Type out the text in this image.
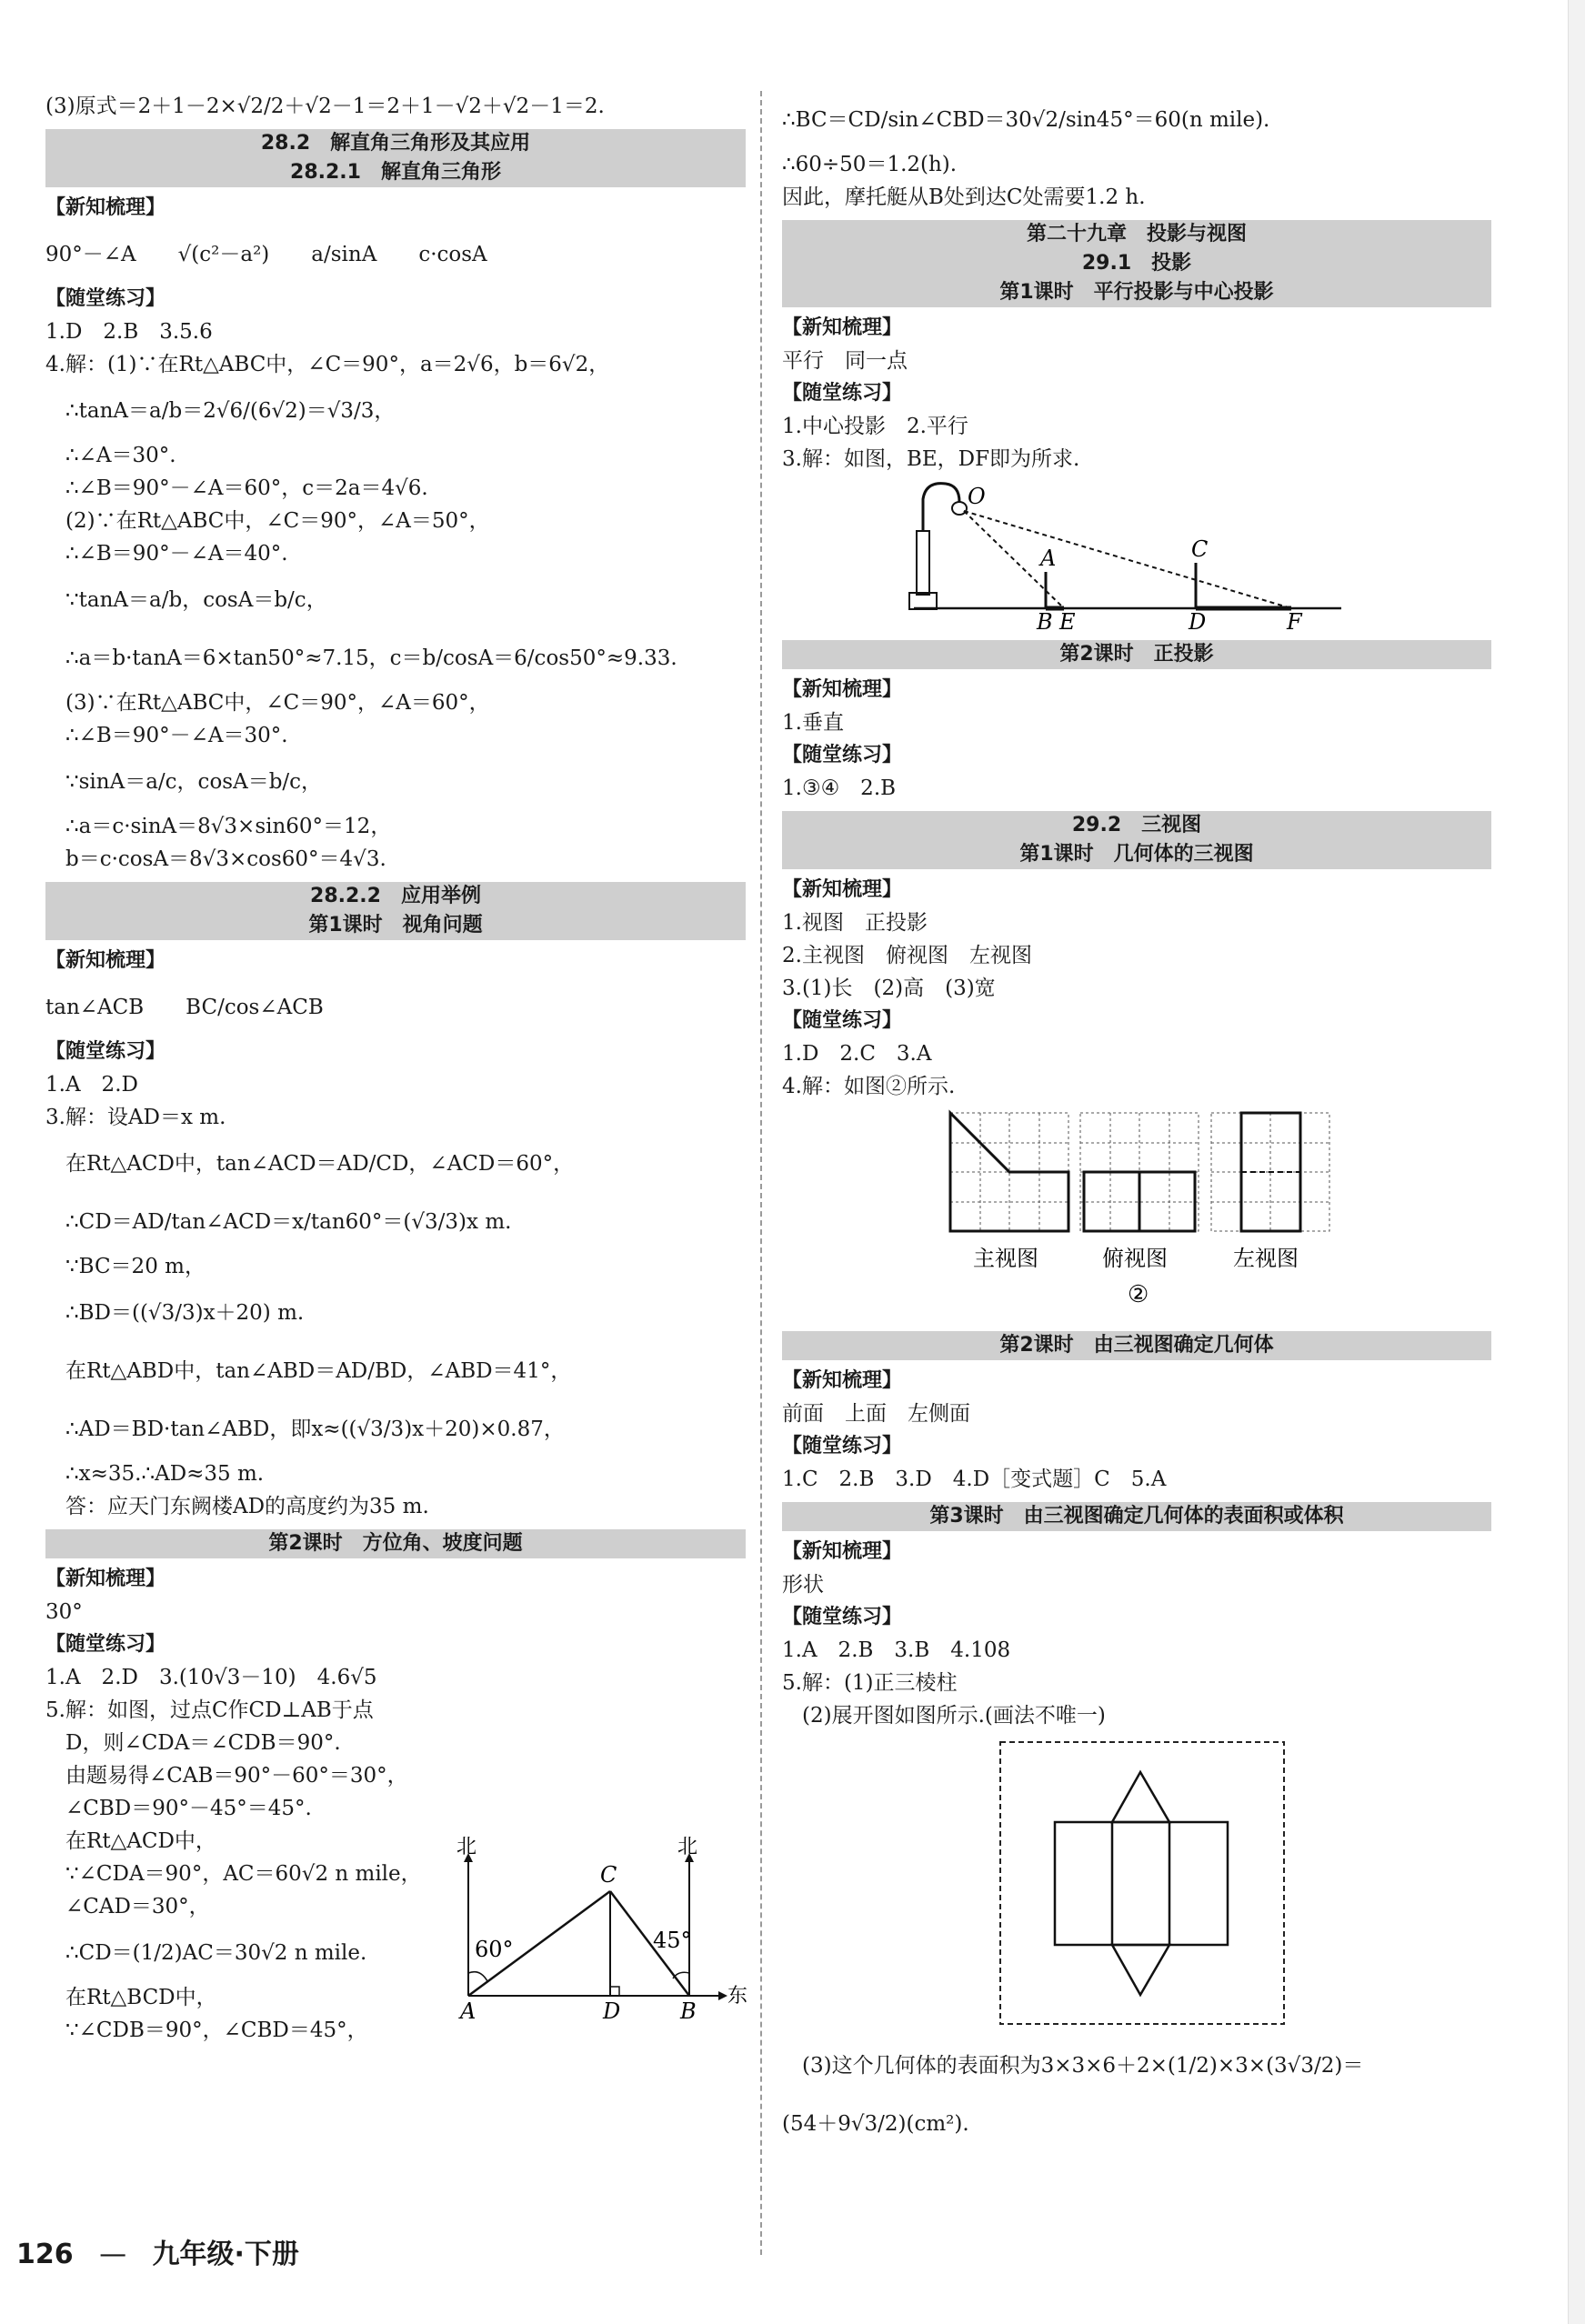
(3)原式＝2＋1－2×√2/2＋√2－1＝2＋1－√2＋√2－1＝2.
28.2　解直角三角形及其应用
28.2.1　解直角三角形
【新知梳理】
90°－∠A　　√(c²－a²)　　a/sinA　　c·cosA
【随堂练习】
1.D　2.B　3.5.6
4.解：(1)∵在Rt△ABC中，∠C＝90°，a＝2√6，b＝6√2，
∴tanA＝a/b＝2√6/(6√2)＝√3/3，
∴∠A＝30°.
∴∠B＝90°－∠A＝60°，c＝2a＝4√6.
(2)∵在Rt△ABC中，∠C＝90°，∠A＝50°，
∴∠B＝90°－∠A＝40°.
∵tanA＝a/b，cosA＝b/c，
∴a＝b·tanA＝6×tan50°≈7.15，c＝b/cosA＝6/cos50°≈9.33.
(3)∵在Rt△ABC中，∠C＝90°，∠A＝60°，
∴∠B＝90°－∠A＝30°.
∵sinA＝a/c，cosA＝b/c，
∴a＝c·sinA＝8√3×sin60°＝12，
b＝c·cosA＝8√3×cos60°＝4√3.
28.2.2　应用举例
第1课时　视角问题
【新知梳理】
tan∠ACB　　BC/cos∠ACB
【随堂练习】
1.A　2.D
3.解：设AD＝x m.
在Rt△ACD中，tan∠ACD＝AD/CD，∠ACD＝60°，
∴CD＝AD/tan∠ACD＝x/tan60°＝(√3/3)x m.
∵BC＝20 m，
∴BD＝((√3/3)x＋20) m.
在Rt△ABD中，tan∠ABD＝AD/BD，∠ABD＝41°，
∴AD＝BD·tan∠ABD，即x≈((√3/3)x＋20)×0.87，
∴x≈35.∴AD≈35 m.
答：应天门东阙楼AD的高度约为35 m.
第2课时　方位角、坡度问题
【新知梳理】
30°
【随堂练习】
1.A　2.D　3.(10√3－10)　4.6√5
5.解：如图，过点C作CD⊥AB于点
D，则∠CDA＝∠CDB＝90°.
由题易得∠CAB＝90°－60°＝30°，
∠CBD＝90°－45°＝45°.
在Rt△ACD中，
∵∠CDA＝90°，AC＝60√2 n mile，
∠CAD＝30°，
∴CD＝(1/2)AC＝30√2 n mile.
在Rt△BCD中，
∵∠CDB＝90°，∠CBD＝45°，
北	北
东
60°	45°
A	D	B
C
∴BC＝CD/sin∠CBD＝30√2/sin45°＝60(n mile).
∴60÷50＝1.2(h).
因此，摩托艇从B处到达C处需要1.2 h.
第二十九章　投影与视图
29.1　投影
第1课时　平行投影与中心投影
【新知梳理】
平行　同一点
【随堂练习】
1.中心投影　2.平行
3.解：如图，BE，DF即为所求.
O
A	C
B E	D	F
第2课时　正投影
【新知梳理】
1.垂直
【随堂练习】
1.③④　2.B
29.2　三视图
第1课时　几何体的三视图
【新知梳理】
1.视图　正投影
2.主视图　俯视图　左视图
3.(1)长　(2)高　(3)宽
【随堂练习】
1.D　2.C　3.A
4.解：如图②所示.
主视图	俯视图	左视图
②
第2课时　由三视图确定几何体
【新知梳理】
前面　上面　左侧面
【随堂练习】
1.C　2.B　3.D　4.D［变式题］C　5.A
第3课时　由三视图确定几何体的表面积或体积
【新知梳理】
形状
【随堂练习】
1.A　2.B　3.B　4.108
5.解：(1)正三棱柱
(2)展开图如图所示.(画法不唯一)
(3)这个几何体的表面积为3×3×6＋2×(1/2)×3×(3√3/2)＝
(54＋9√3/2)(cm²).
126 — 九年级·下册
